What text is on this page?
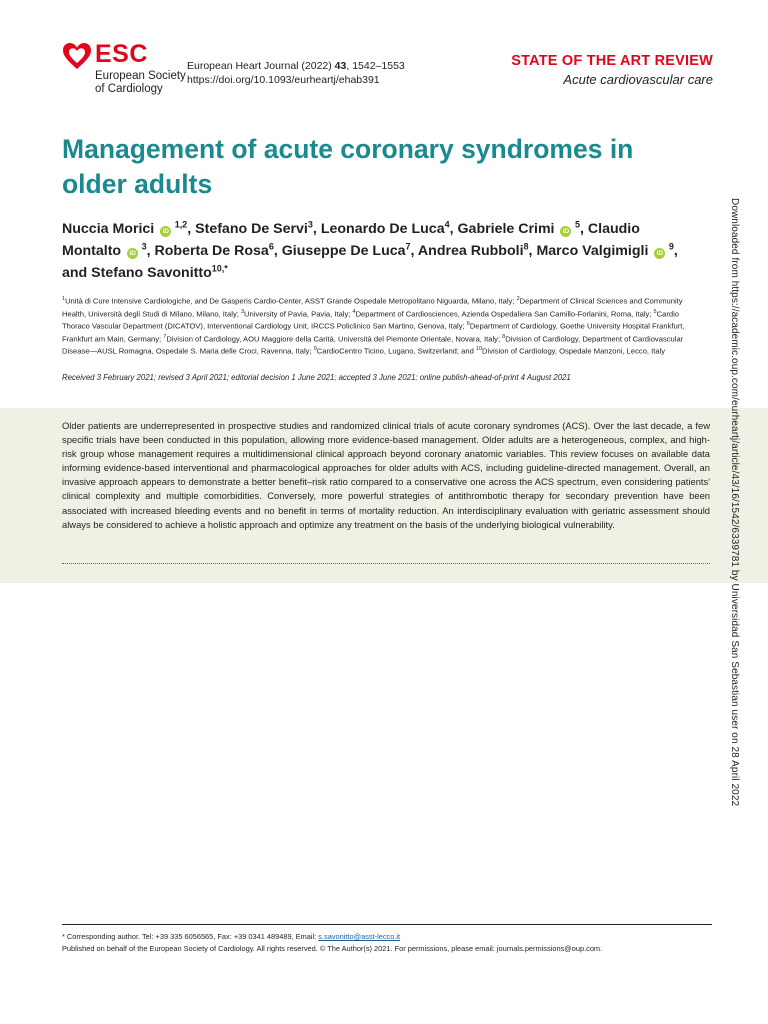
ESC
European Society
of Cardiology
European Heart Journal (2022) 43, 1542–1553
https://doi.org/10.1093/eurheartj/ehab391
STATE OF THE ART REVIEW
Acute cardiovascular care
Management of acute coronary syndromes in older adults
Nuccia Morici iD $^{1,2}$, Stefano De Servi$^3$, Leonardo De Luca$^4$, Gabriele Crimi iD $^5$, Claudio Montalto iD $^3$, Roberta De Rosa$^6$, Giuseppe De Luca$^7$, Andrea Rubboli$^8$, Marco Valgimigli iD $^9$, and Stefano Savonitto$^{10,*}$
$^1$Unità di Cure Intensive Cardiologiche, and De Gasperis Cardio-Center, ASST Grande Ospedale Metropolitano Niguarda, Milano, Italy; $^2$Department of Clinical Sciences and Community Health, Università degli Studi di Milano, Milano, Italy; $^3$University of Pavia, Pavia, Italy; $^4$Department of Cardiosciences, Azienda Ospedaliera San Camillo-Forlanini, Roma, Italy; $^5$Cardio Thoraco Vascular Department (DICATOV), Interventional Cardiology Unit, IRCCS Policlinico San Martino, Genova, Italy; $^6$Department of Cardiology, Goethe University Hospital Frankfurt, Frankfurt am Main, Germany; $^7$Division of Cardiology, AOU Maggiore della Carità, Università del Piemonte Orientale, Novara, Italy; $^8$Division of Cardiology, Department of Cardiovascular Disease—AUSL Romagna, Ospedale S. Maria delle Croci, Ravenna, Italy; $^9$CardioCentro Ticino, Lugano, Switzerland; and $^{10}$Division of Cardiology, Ospedale Manzoni, Lecco, Italy
Received 3 February 2021; revised 3 April 2021; editorial decision 1 June 2021; accepted 3 June 2021; online publish-ahead-of-print 4 August 2021
Older patients are underrepresented in prospective studies and randomized clinical trials of acute coronary syndromes (ACS). Over the last decade, a few specific trials have been conducted in this population, allowing more evidence-based management. Older adults are a heterogeneous, complex, and high-risk group whose management requires a multidimensional clinical approach beyond coronary anatomic variables. This review focuses on available data informing evidence-based interventional and pharmacological approaches for older adults with ACS, including guideline-directed management. Overall, an invasive approach appears to demonstrate a better benefit–risk ratio compared to a conservative one across the ACS spectrum, even considering patients' clinical complexity and multiple comorbidities. Conversely, more powerful strategies of antithrombotic therapy for secondary prevention have been associated with increased bleeding events and no benefit in terms of mortality reduction. An interdisciplinary evaluation with geriatric assessment should always be considered to achieve a holistic approach and optimize any treatment on the basis of the underlying biological vulnerability.	Downloaded from https://academic.oup.com/eurheartj/article/43/16/1542/6339781 by Universidad San Sebastian user on 28 April 2022
* Corresponding author. Tel: +39 335 6056565, Fax: +39 0341 489489, Email: s.savonitto@asst-lecco.it
Published on behalf of the European Society of Cardiology. All rights reserved. © The Author(s) 2021. For permissions, please email: journals.permissions@oup.com.
